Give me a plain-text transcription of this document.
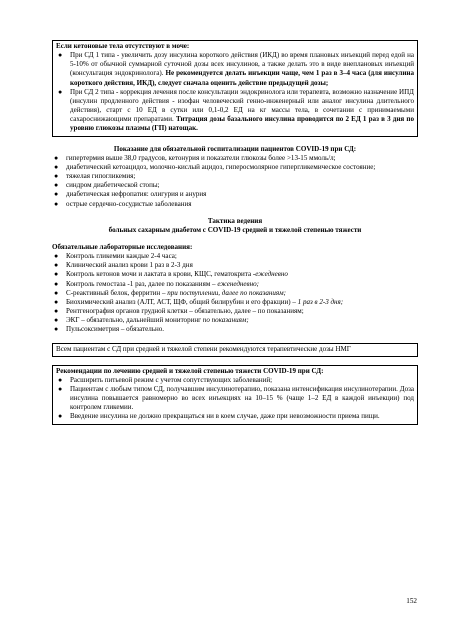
Если кетоновые тела отсутствуют в моче:

● При СД 1 типа - увеличить дозу инсулина короткого действия (ИКД) во время плановых инъекций перед едой на 5-10% от обычной суммарной суточной дозы всех инсулинов, а также делать это в виде внеплановых инъекций (консультация эндокринолога). Не рекомендуется делать инъекции чаще, чем 1 раз в 3–4 часа (для инсулина короткого действия, ИКД), следует сначала оценить действие предыдущей дозы;
● При СД 2 типа - коррекция лечения после консультации эндокринолога или терапевта, возможно назначение ИПД (инсулин продленного действия - изофан человеческий генно-инженерный или аналог инсулина длительного действия), старт с 10 ЕД в сутки или 0,1-0,2 ЕД на кг массы тела, в сочетании с принимаемыми сахароснижающими препаратами. Титрация дозы базального инсулина проводится по 2 ЕД 1 раз в 3 дня по уровню глюкозы плазмы (ГП) натощак.
Показание для обязательной госпитализации пациентов COVID-19 при СД:
● гипертермия выше 38,0 градусов, кетонурия и показатели глюкозы более >13-15 ммоль/л;
● диабетический кетоацидоз, молочно-кислый ацидоз, гиперосмолярное гипергликемическое состояние;
● тяжелая гипогликемия;
● синдром диабетической стопы;
● диабетическая нефропатия: олигурия и анурия
● острые сердечно-сосудистые заболевания
Тактика ведения
больных сахарным диабетом с COVID-19 средней и тяжелой степенью тяжести
Обязательные лабораторные исследования:
● Контроль гликемии каждые 2-4 часа;
● Клинический анализ крови 1 раз в 2-3 дня
● Контроль кетонов мочи и лактата в крови, КЩС, гематокрита -ежедневно
● Контроль гемостаза -1 раз, далее по показаниям – еженедневно;
● С-реактивный белок, ферритин – при поступлении, далее по показаниям;
● Биохимический анализ (АЛТ, АСТ, ЩФ, общий билирубин и его фракции) – 1 раз в 2-3 дня;
● Рентгенография органов грудной клетки – обязательно, далее – по показаниям;
● ЭКГ – обязательно, дальнейший мониторинг по показаниям;
● Пульсоксиметрия – обязательно.

Всем пациентам с СД при средней и тяжелой степени рекомендуются терапевтические дозы НМГ

Рекомендации по лечению средней и тяжелой степенью тяжести COVID-19 при СД:

● Расширить питьевой режим с учетом сопутствующих заболеваний;
● Пациентам с любым типом СД, получавшим инсулинотерапию, показана интенсификация инсулинотерапии. Доза инсулина повышается равномерно во всех инъекциях на 10–15 % (чаще 1–2 ЕД в каждой инъекции) под контролем гликемии.
● Введение инсулина не должно прекращаться ни в коем случае, даже при невозможности приема пищи.
152
